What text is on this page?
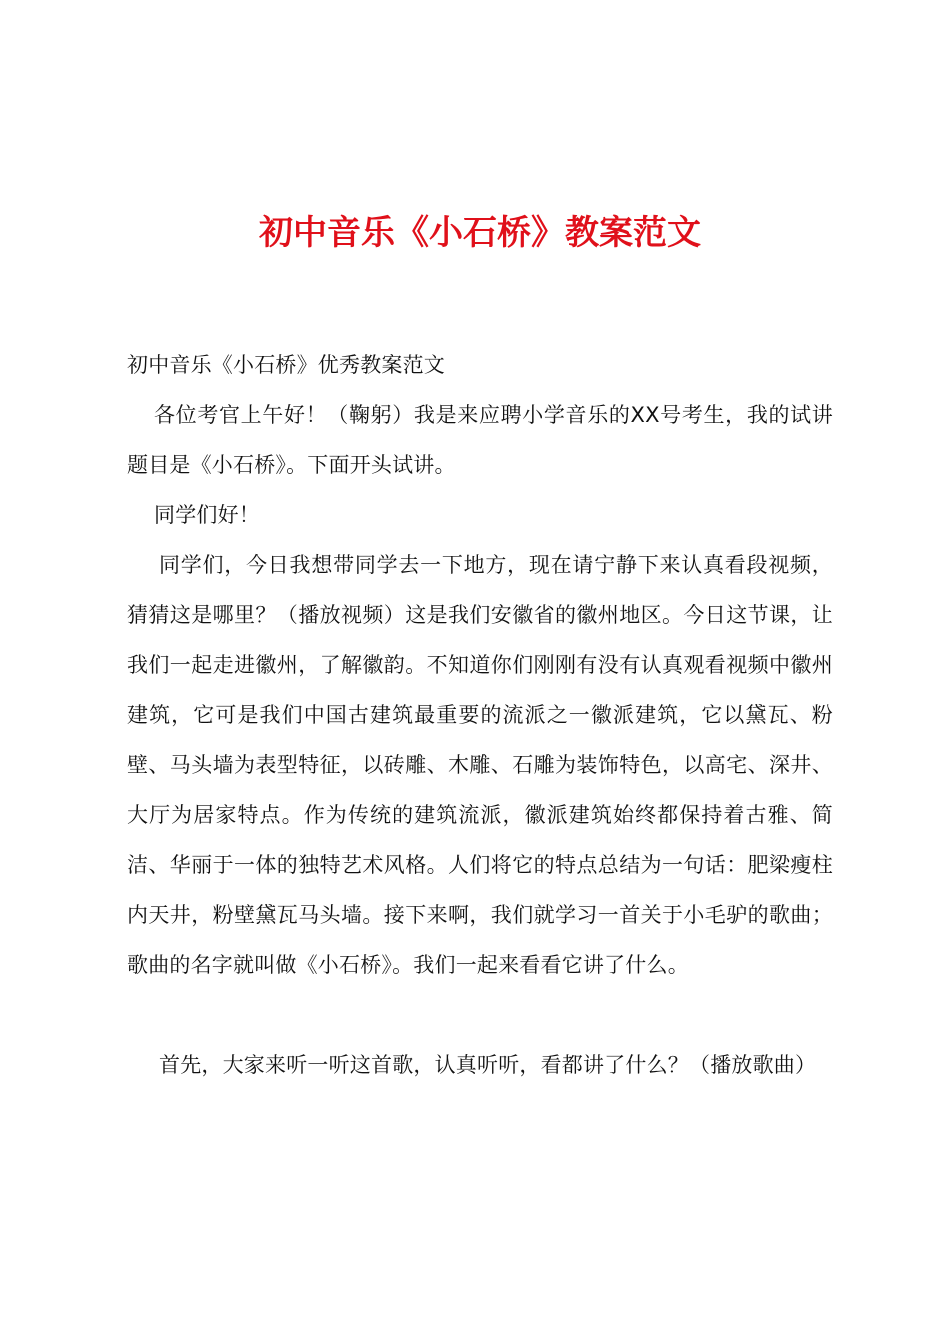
初中音乐《小石桥》教案范文

初中音乐《小石桥》优秀教案范文

各位考官上午好！（鞠躬）我是来应聘小学音乐的XX号考生，我的试讲题目是《小石桥》。下面开头试讲。

同学们好！

同学们，今日我想带同学去一下地方，现在请宁静下来认真看段视频，猜猜这是哪里？（播放视频）这是我们安徽省的徽州地区。今日这节课，让我们一起走进徽州，了解徽韵。不知道你们刚刚有没有认真观看视频中徽州建筑，它可是我们中国古建筑最重要的流派之一徽派建筑，它以黛瓦、粉壁、马头墙为表型特征，以砖雕、木雕、石雕为装饰特色，以高宅、深井、大厅为居家特点。作为传统的建筑流派，徽派建筑始终都保持着古雅、简洁、华丽于一体的独特艺术风格。人们将它的特点总结为一句话：肥梁瘦柱内天井，粉壁黛瓦马头墙。接下来啊，我们就学习一首关于小毛驴的歌曲；歌曲的名字就叫做《小石桥》。我们一起来看看它讲了什么。

首先，大家来听一听这首歌，认真听听，看都讲了什么？（播放歌曲）
